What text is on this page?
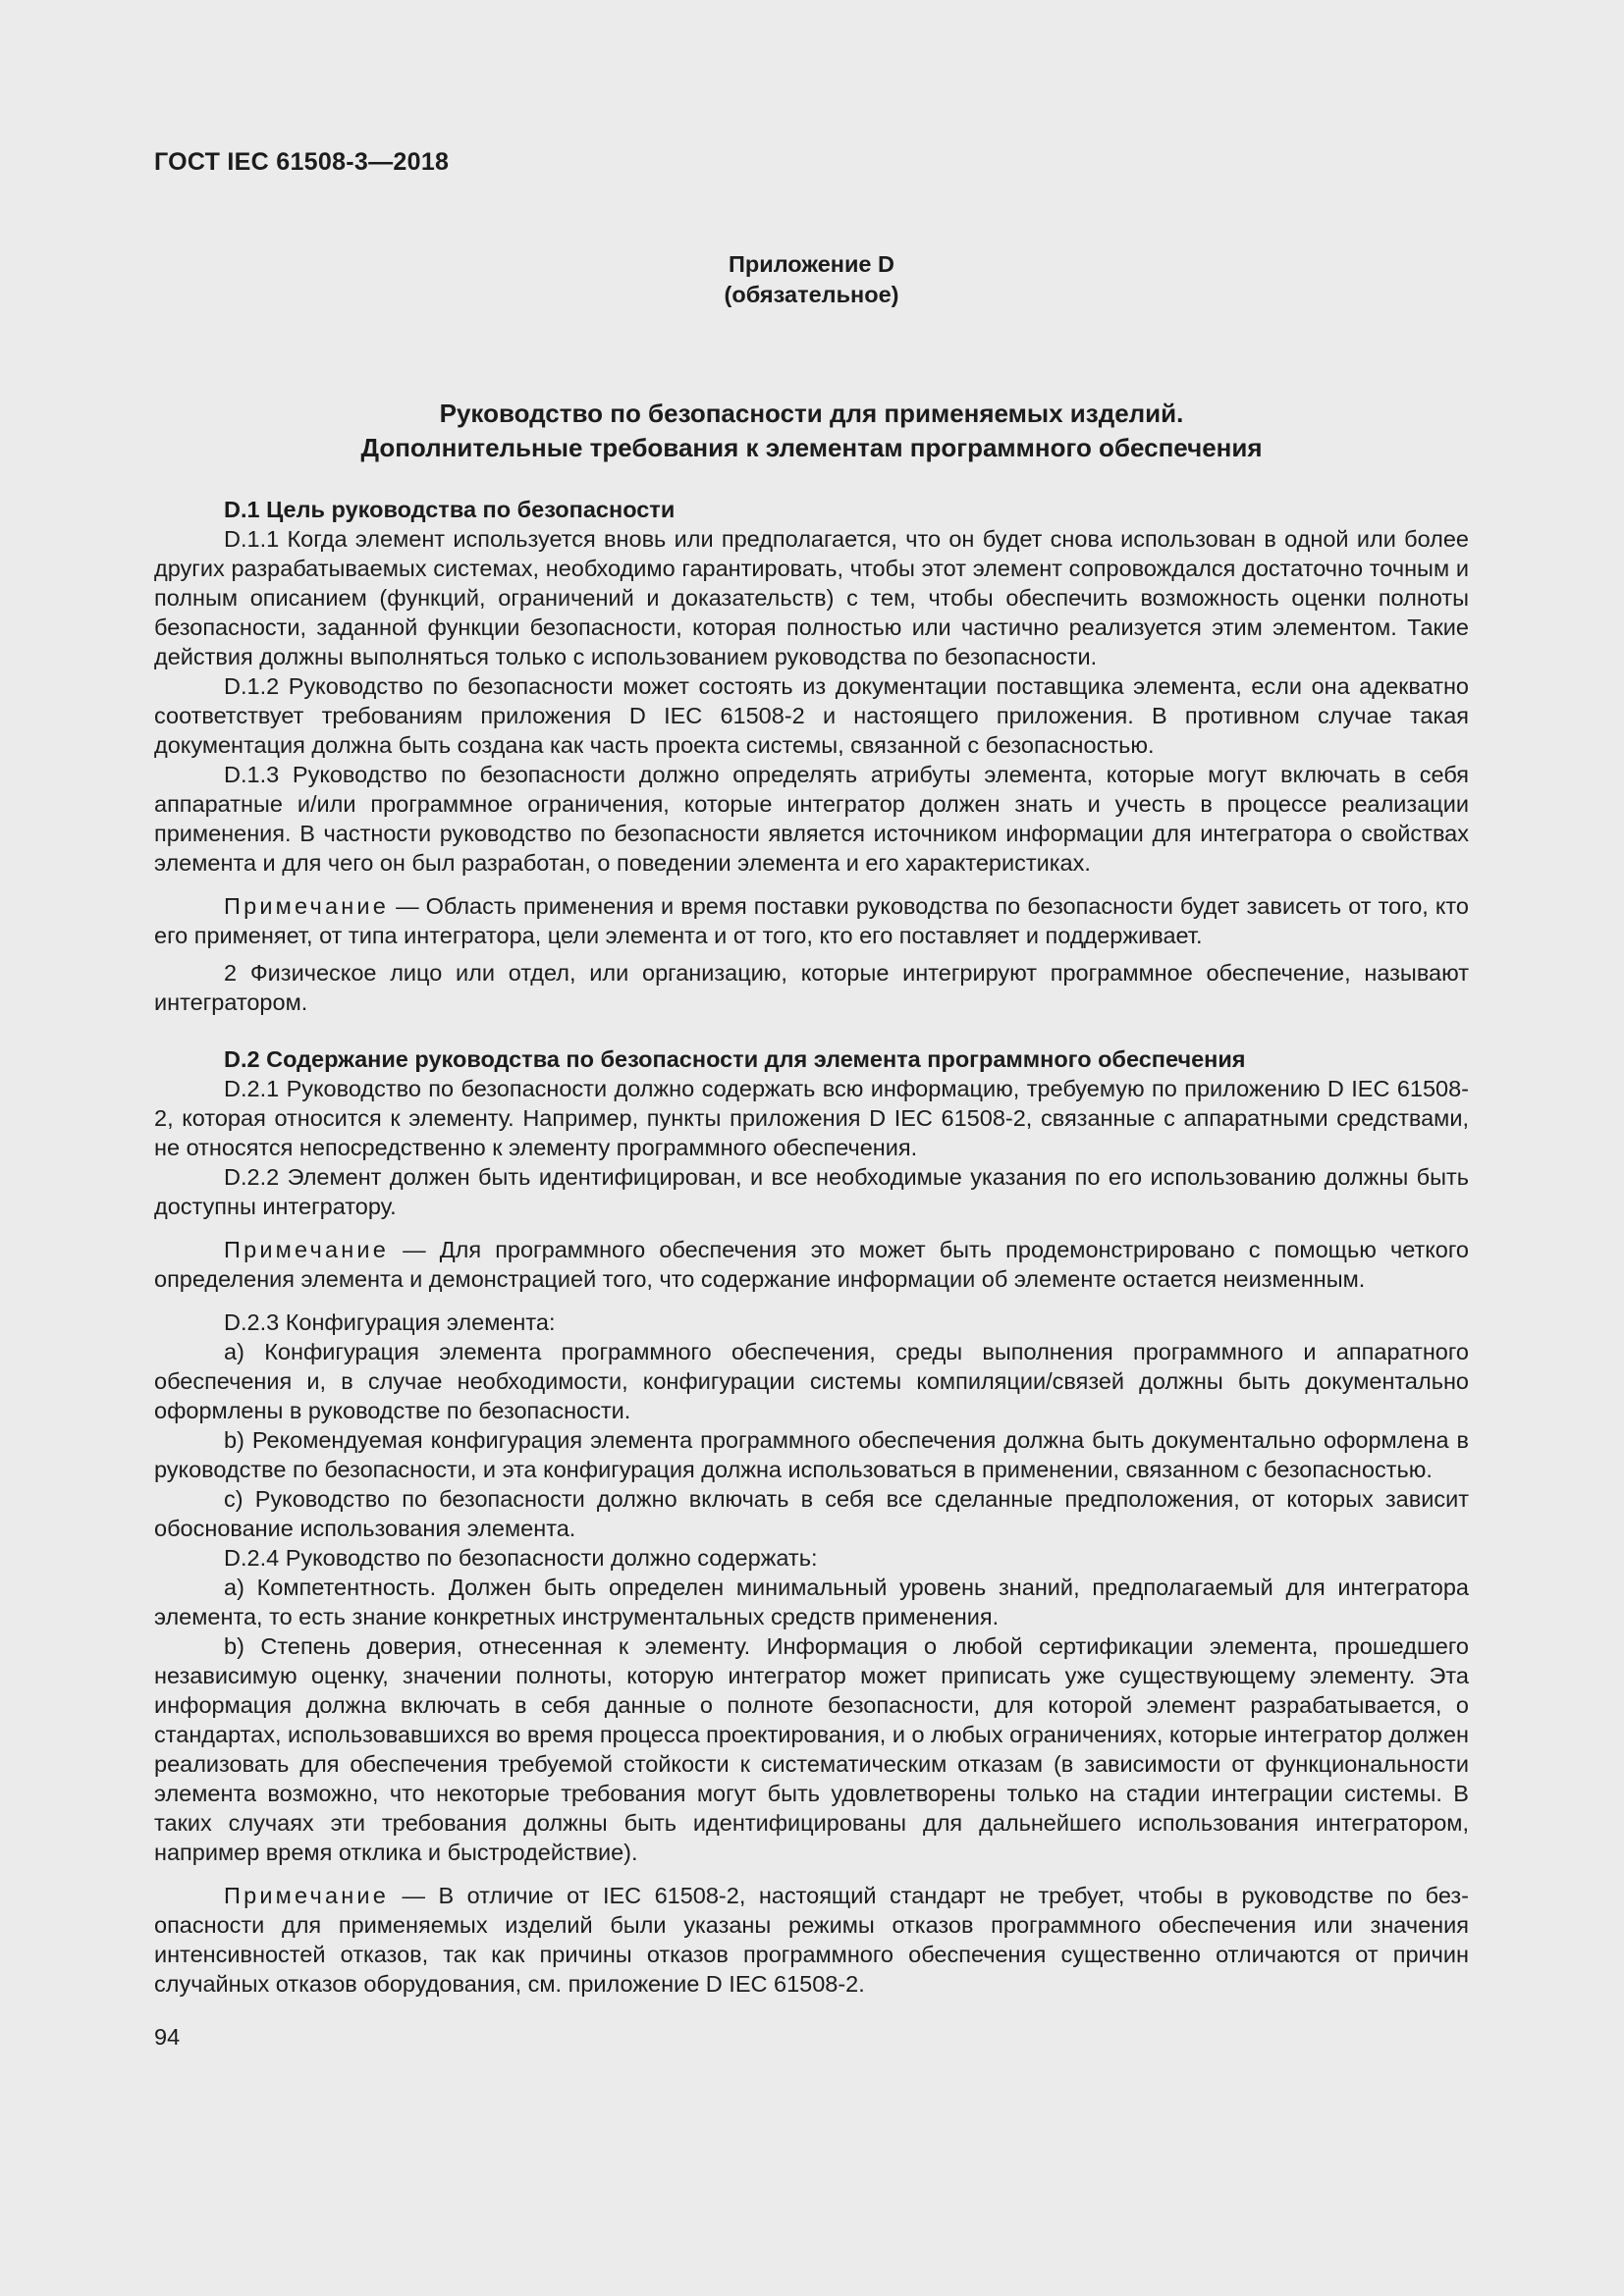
ГОСТ IEC 61508-3—2018
Приложение D
(обязательное)
Руководство по безопасности для применяемых изделий.
Дополнительные требования к элементам программного обеспечения
D.1 Цель руководства по безопасности

D.1.1 Когда элемент используется вновь или предполагается, что он будет снова использован в одной или более других разрабатываемых системах, необходимо гарантировать, чтобы этот элемент сопровождался достаточно точным и полным описанием (функций, ограничений и доказательств) с тем, чтобы обеспечить возможность оценки полноты безопасности, заданной функции безопасности, которая полностью или частично реализуется этим элементом. Такие действия должны выполняться только с использованием руководства по безопасности.

D.1.2 Руководство по безопасности может состоять из документации поставщика элемента, если она адекватно соответствует требованиям приложения D IEC 61508-2 и настоящего приложения. В противном случае такая документация должна быть создана как часть проекта системы, связанной с безопасностью.

D.1.3 Руководство по безопасности должно определять атрибуты элемента, которые могут включать в себя аппаратные и/или программное ограничения, которые интегратор должен знать и учесть в процессе реализации применения. В частности руководство по безопасности является источником информации для интегратора о свойствах элемента и для чего он был разработан, о поведении элемента и его характеристиках.

Примечание — Область применения и время поставки руководства по безопасности будет зависеть от того, кто его применяет, от типа интегратора, цели элемента и от того, кто его поставляет и поддерживает.

2 Физическое лицо или отдел, или организацию, которые интегрируют программное обеспечение, называют интегратором.

D.2 Содержание руководства по безопасности для элемента программного обеспечения

D.2.1 Руководство по безопасности должно содержать всю информацию, требуемую по приложению D IEC 61508-2, которая относится к элементу. Например, пункты приложения D IEC 61508-2, связанные с аппаратными средствами, не относятся непосредственно к элементу программного обеспечения.

D.2.2 Элемент должен быть идентифицирован, и все необходимые указания по его использованию должны быть доступны интегратору.

Примечание — Для программного обеспечения это может быть продемонстрировано с помощью четкого определения элемента и демонстрацией того, что содержание информации об элементе остается неизменным.

D.2.3 Конфигурация элемента:

а) Конфигурация элемента программного обеспечения, среды выполнения программного и аппаратного обеспечения и, в случае необходимости, конфигурации системы компиляции/связей должны быть документально оформлены в руководстве по безопасности.

b) Рекомендуемая конфигурация элемента программного обеспечения должна быть документально оформлена в руководстве по безопасности, и эта конфигурация должна использоваться в применении, связанном с безопасностью.

с) Руководство по безопасности должно включать в себя все сделанные предположения, от которых зависит обоснование использования элемента.

D.2.4 Руководство по безопасности должно содержать:

а) Компетентность. Должен быть определен минимальный уровень знаний, предполагаемый для интегратора элемента, то есть знание конкретных инструментальных средств применения.

b) Степень доверия, отнесенная к элементу. Информация о любой сертификации элемента, прошедшего независимую оценку, значении полноты, которую интегратор может приписать уже существующему элементу. Эта информация должна включать в себя данные о полноте безопасности, для которой элемент разрабатывается, о стандартах, использовавшихся во время процесса проектирования, и о любых ограничениях, которые интегратор должен реализовать для обеспечения требуемой стойкости к систематическим отказам (в зависимости от функциональности элемента возможно, что некоторые требования могут быть удовлетворены только на стадии интеграции системы. В таких случаях эти требования должны быть идентифицированы для дальнейшего использования интегратором, например время отклика и быстродействие).

Примечание — В отличие от IEC 61508-2, настоящий стандарт не требует, чтобы в руководстве по безопасности для применяемых изделий были указаны режимы отказов программного обеспечения или значения интенсивностей отказов, так как причины отказов программного обеспечения существенно отличаются от причин случайных отказов оборудования, см. приложение D IEC 61508-2.

94
